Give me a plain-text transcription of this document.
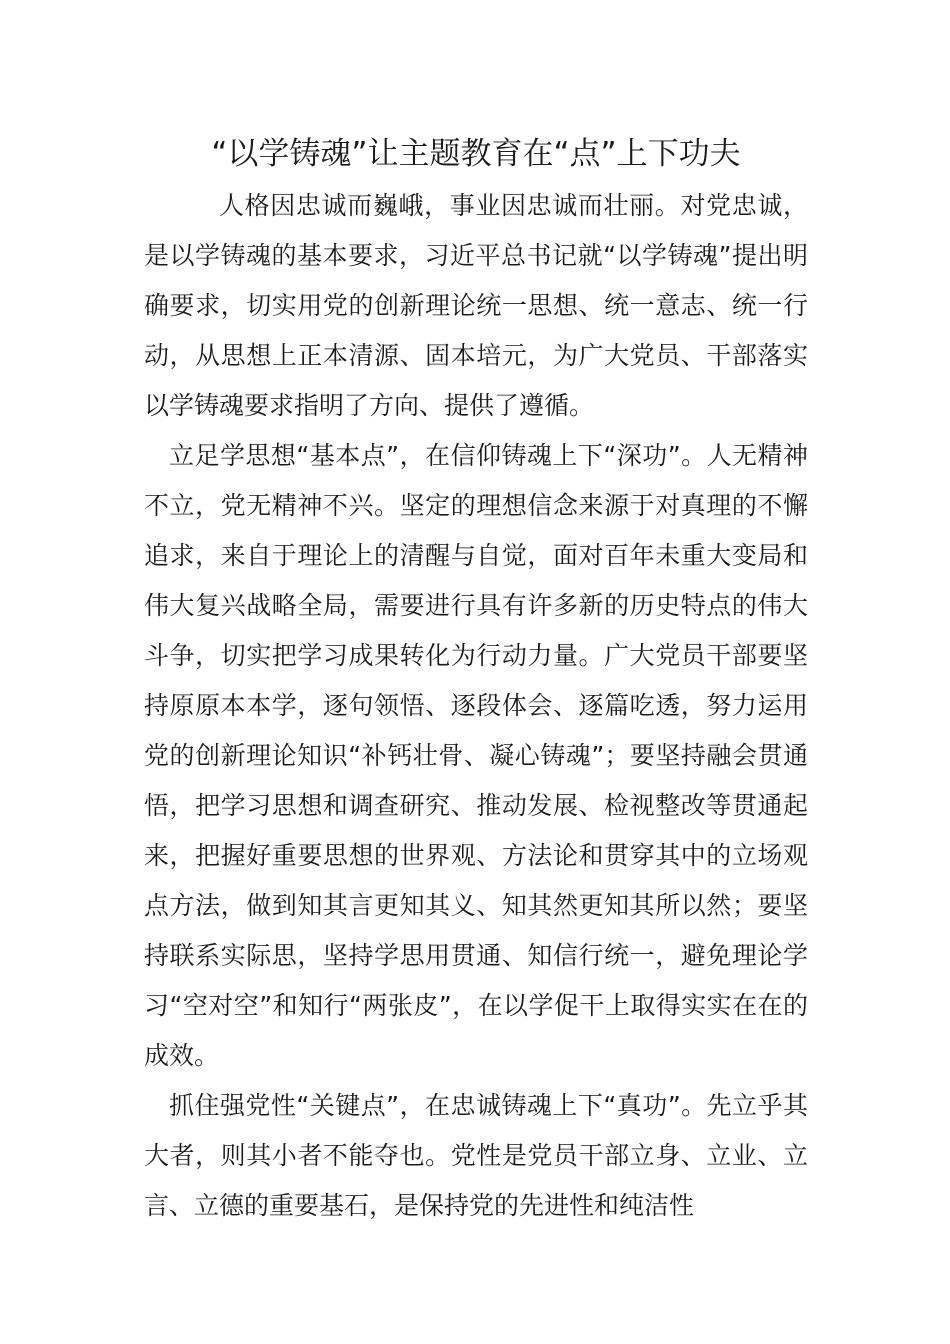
“以学铸魂”让主题教育在“点”上下功夫

人格因忠诚而巍峨，事业因忠诚而壮丽。对党忠诚，是以学铸魂的基本要求，习近平总书记就“以学铸魂”提出明确要求，切实用党的创新理论统一思想、统一意志、统一行动，从思想上正本清源、固本培元，为广大党员、干部落实以学铸魂要求指明了方向、提供了遵循。

立足学思想“基本点”，在信仰铸魂上下“深功”。人无精神不立，党无精神不兴。坚定的理想信念来源于对真理的不懈追求，来自于理论上的清醒与自觉，面对百年未重大变局和伟大复兴战略全局，需要进行具有许多新的历史特点的伟大斗争，切实把学习成果转化为行动力量。广大党员干部要坚持原原本本学，逐句领悟、逐段体会、逐篇吃透，努力运用党的创新理论知识“补钙壮骨、凝心铸魂”；要坚持融会贯通悟，把学习思想和调查研究、推动发展、检视整改等贯通起来，把握好重要思想的世界观、方法论和贯穿其中的立场观点方法，做到知其言更知其义、知其然更知其所以然；要坚持联系实际思，坚持学思用贯通、知信行统一，避免理论学习“空对空”和知行“两张皮”，在以学促干上取得实实在在的成效。

抓住强党性“关键点”，在忠诚铸魂上下“真功”。先立乎其大者，则其小者不能夺也。党性是党员干部立身、立业、立言、立德的重要基石，是保持党的先进性和纯洁性
